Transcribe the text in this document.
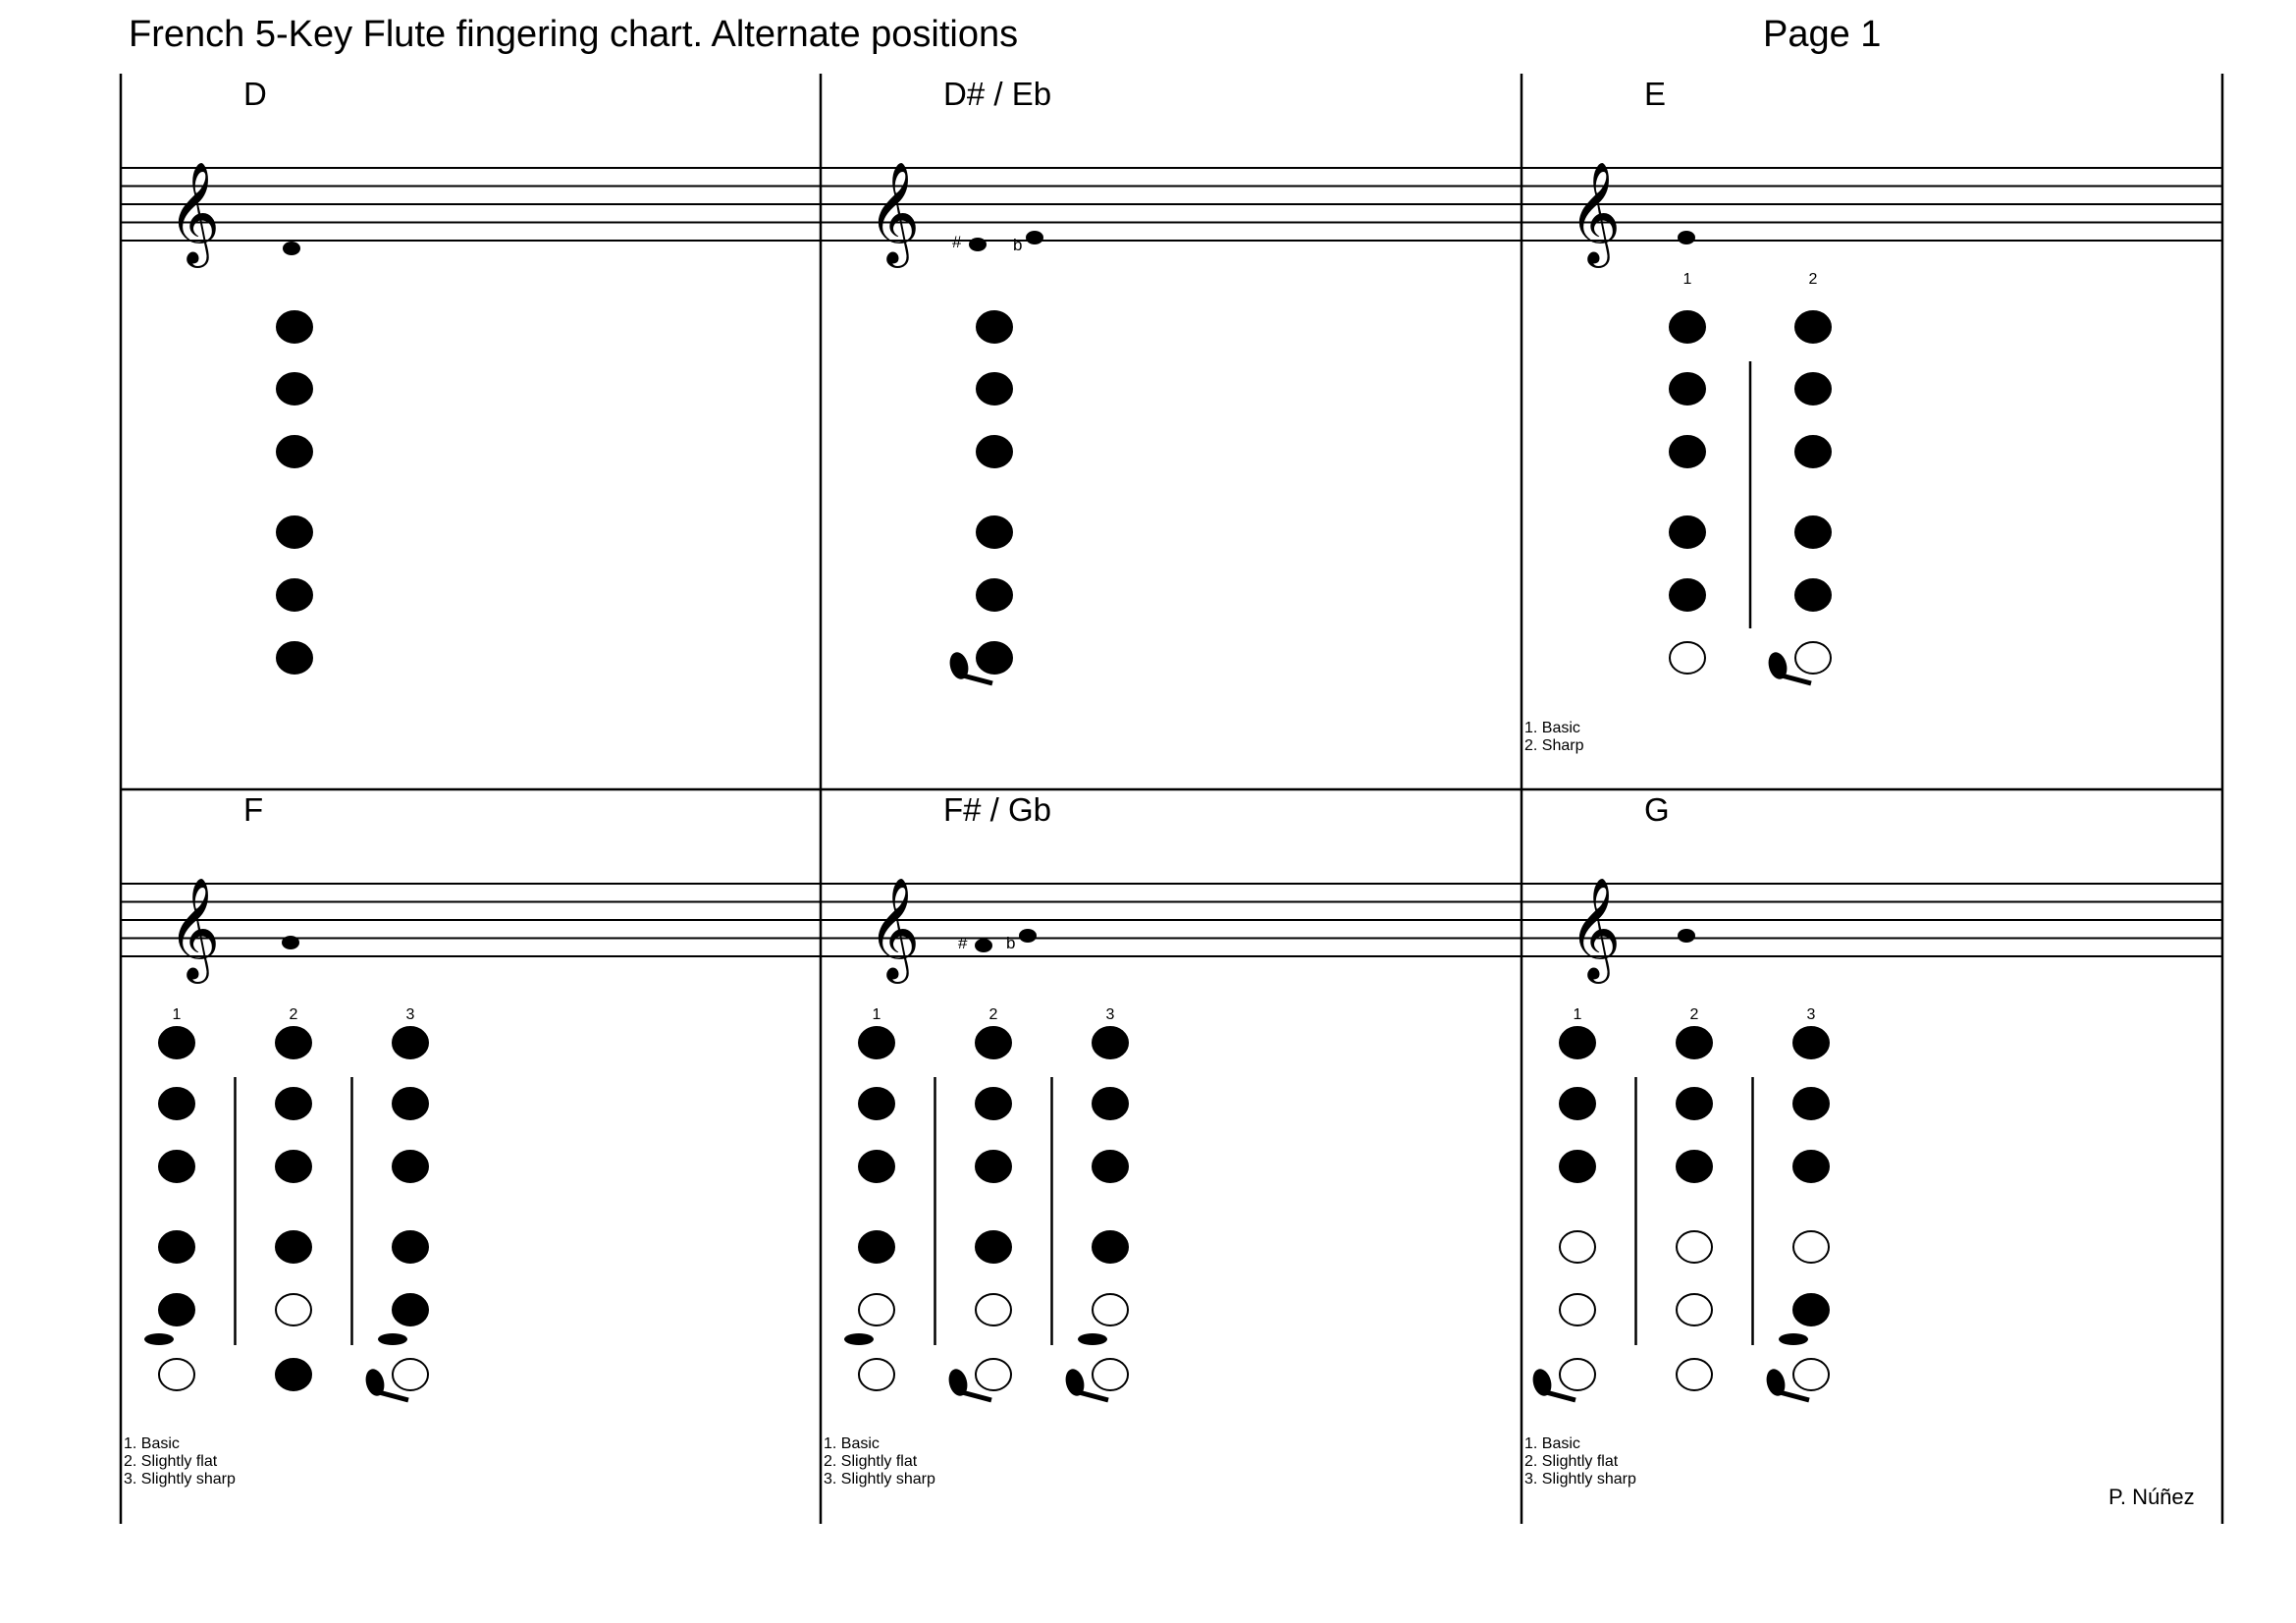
French 5-Key Flute fingering chart. Alternate positions	Page 1
𝄞	𝄞	𝄞
𝄞	𝄞	𝄞
D	D# / Eb
#	b
E
1	2
1. Basic
2. Sharp
F
1	2	3
1. Basic
2. Slightly flat
3. Slightly sharp
F# / Gb
# b
1	2	3
1. Basic
2. Slightly flat
3. Slightly sharp
G
1	2	3
1. Basic
2. Slightly flat
3. Slightly sharp
P. Núñez
